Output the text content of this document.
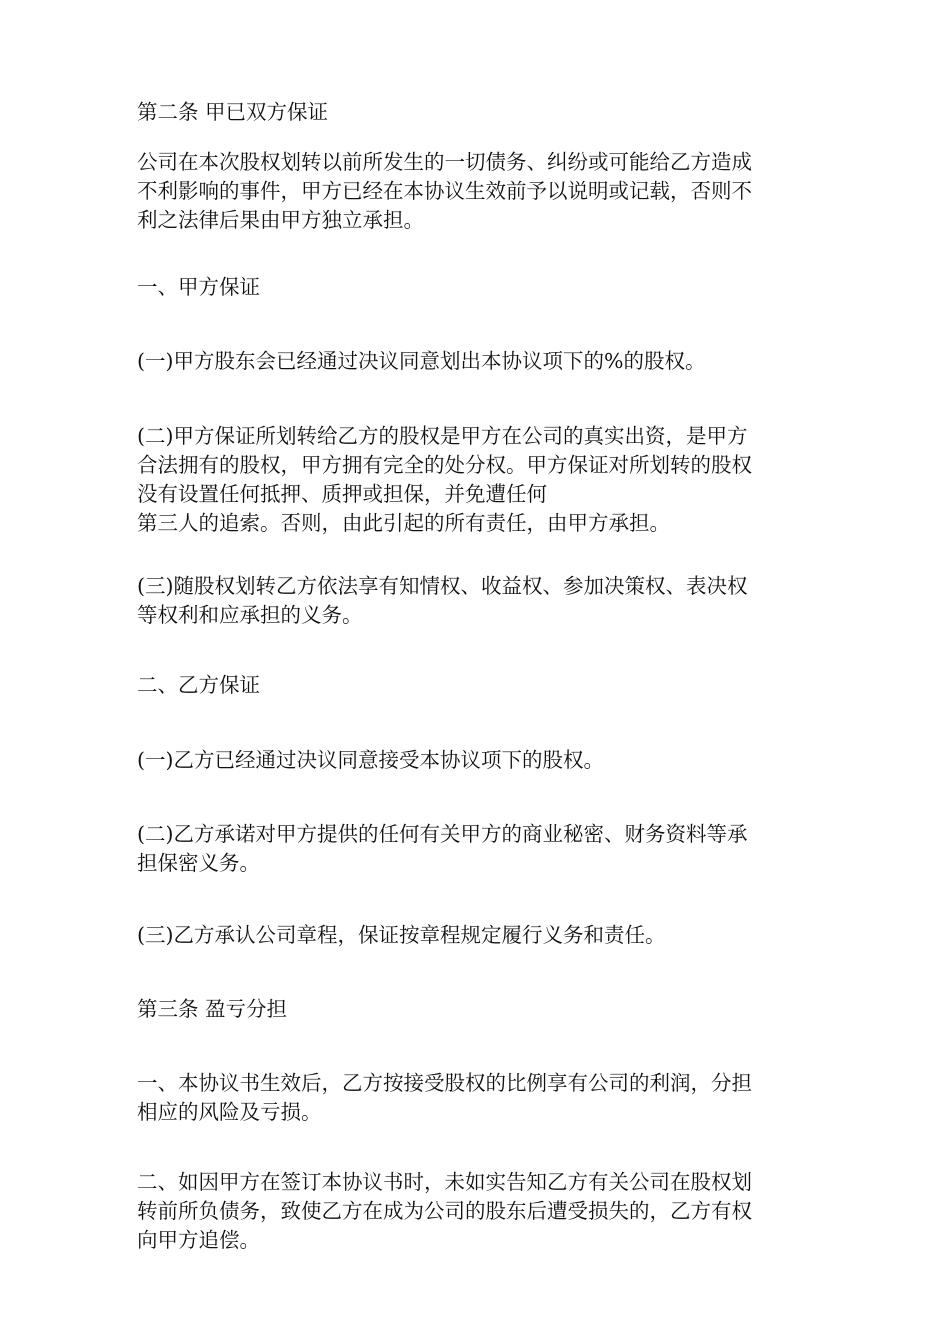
第二条 甲已双方保证

公司在本次股权划转以前所发生的一切债务、纠纷或可能给乙方造成
不利影响的事件，甲方已经在本协议生效前予以说明或记载，否则不
利之法律后果由甲方独立承担。

一、甲方保证

(一)甲方股东会已经通过决议同意划出本协议项下的%的股权。

(二)甲方保证所划转给乙方的股权是甲方在公司的真实出资，是甲方
合法拥有的股权，甲方拥有完全的处分权。甲方保证对所划转的股权
没有设置任何抵押、质押或担保，并免遭任何
第三人的追索。否则，由此引起的所有责任，由甲方承担。

(三)随股权划转乙方依法享有知情权、收益权、参加决策权、表决权
等权利和应承担的义务。

二、乙方保证

(一)乙方已经通过决议同意接受本协议项下的股权。

(二)乙方承诺对甲方提供的任何有关甲方的商业秘密、财务资料等承
担保密义务。

(三)乙方承认公司章程，保证按章程规定履行义务和责任。

第三条 盈亏分担

一、本协议书生效后，乙方按接受股权的比例享有公司的利润，分担
相应的风险及亏损。

二、如因甲方在签订本协议书时，未如实告知乙方有关公司在股权划
转前所负债务，致使乙方在成为公司的股东后遭受损失的，乙方有权
向甲方追偿。
